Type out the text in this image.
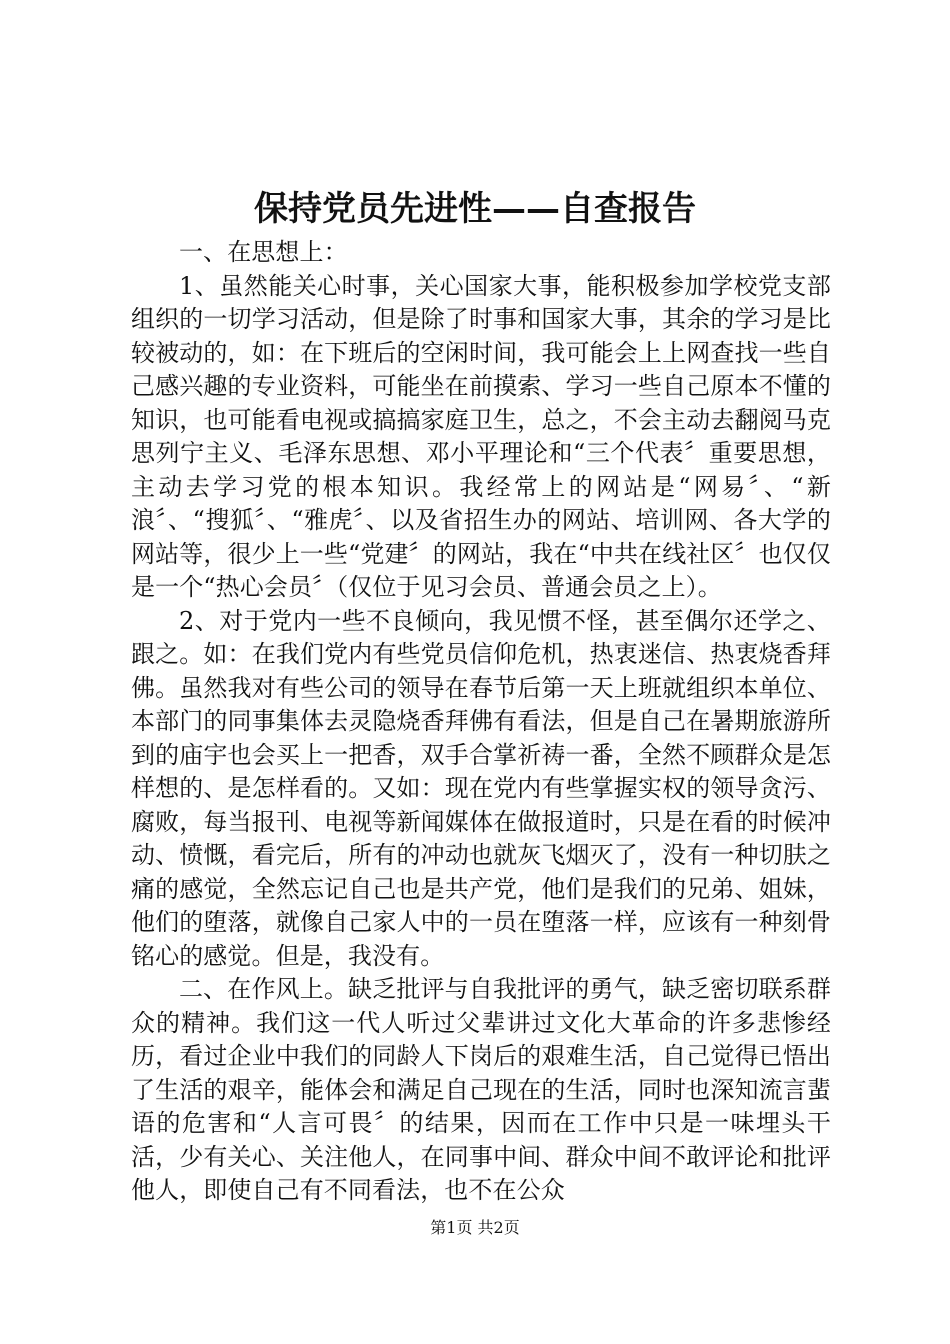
保持党员先进性——自查报告

一、在思想上：

1、虽然能关心时事，关心国家大事，能积极参加学校党支部组织的一切学习活动，但是除了时事和国家大事，其余的学习是比较被动的，如：在下班后的空闲时间，我可能会上上网查找一些自己感兴趣的专业资料，可能坐在前摸索、学习一些自己原本不懂的知识，也可能看电视或搞搞家庭卫生，总之，不会主动去翻阅马克思列宁主义、毛泽东思想、邓小平理论和“三个代表〞重要思想，主动去学习党的根本知识。我经常上的网站是“网易〞、“新浪〞、“搜狐〞、“雅虎〞、以及省招生办的网站、培训网、各大学的网站等，很少上一些“党建〞的网站，我在“中共在线社区〞也仅仅是一个“热心会员〞（仅位于见习会员、普通会员之上）。

2、对于党内一些不良倾向，我见惯不怪，甚至偶尔还学之、跟之。如：在我们党内有些党员信仰危机，热衷迷信、热衷烧香拜佛。虽然我对有些公司的领导在春节后第一天上班就组织本单位、本部门的同事集体去灵隐烧香拜佛有看法，但是自己在暑期旅游所到的庙宇也会买上一把香，双手合掌祈祷一番，全然不顾群众是怎样想的、是怎样看的。又如：现在党内有些掌握实权的领导贪污、腐败，每当报刊、电视等新闻媒体在做报道时，只是在看的时候冲动、愤慨，看完后，所有的冲动也就灰飞烟灭了，没有一种切肤之痛的感觉，全然忘记自己也是共产党，他们是我们的兄弟、姐妹，他们的堕落，就像自己家人中的一员在堕落一样，应该有一种刻骨铭心的感觉。但是，我没有。

二、在作风上。缺乏批评与自我批评的勇气，缺乏密切联系群众的精神。我们这一代人听过父辈讲过文化大革命的许多悲惨经历，看过企业中我们的同龄人下岗后的艰难生活，自己觉得已悟出了生活的艰辛，能体会和满足自己现在的生活，同时也深知流言蜚语的危害和“人言可畏〞的结果，因而在工作中只是一味埋头干活，少有关心、关注他人，在同事中间、群众中间不敢评论和批评他人，即使自己有不同看法，也不在公众

第1页 共2页
